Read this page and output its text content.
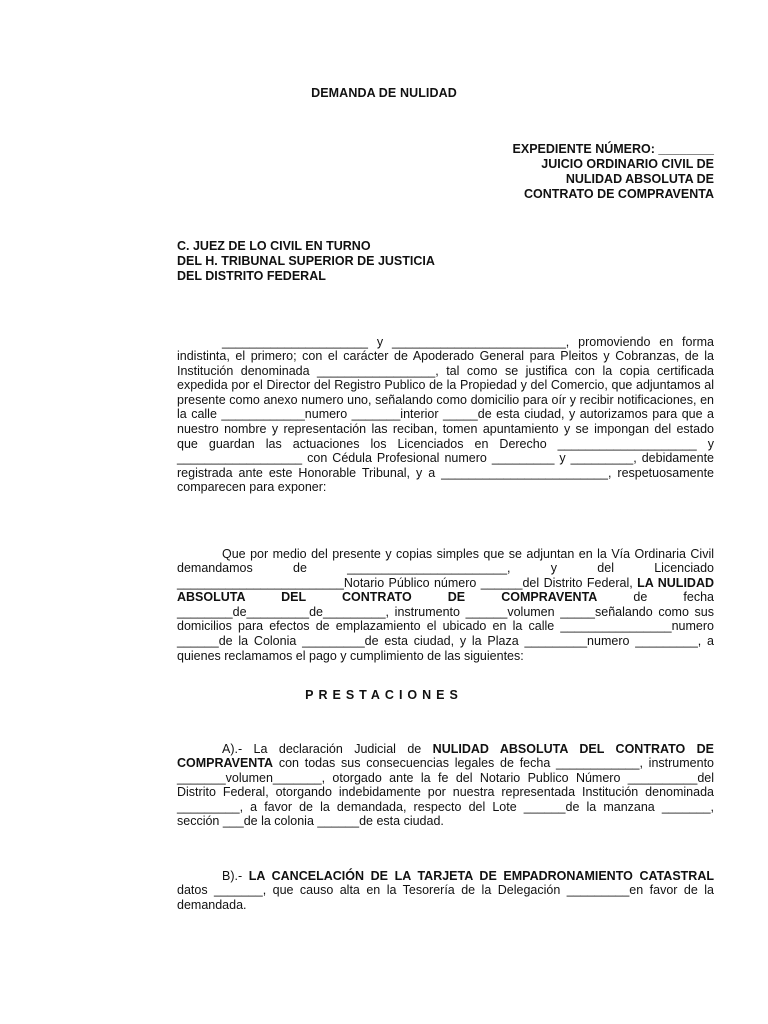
DEMANDA DE NULIDAD
EXPEDIENTE NÚMERO: ________
JUICIO ORDINARIO CIVIL DE
NULIDAD ABSOLUTA DE
CONTRATO DE COMPRAVENTA
C. JUEZ DE LO CIVIL EN TURNO
DEL H. TRIBUNAL SUPERIOR DE JUSTICIA
DEL DISTRITO FEDERAL

_____________________ y _________________________, promoviendo en forma indistinta, el primero; con el carácter de Apoderado General para Pleitos y Cobranzas, de la Institución denominada _________________, tal como se justifica con la copia certificada expedida por el Director del Registro Publico de la Propiedad y del Comercio, que adjuntamos al presente como anexo numero uno, señalando como domicilio para oír y recibir notificaciones, en la calle ____________numero _______interior _____de esta ciudad, y autorizamos para que a nuestro nombre y representación las reciban, tomen apuntamiento y se impongan del estado que guardan las actuaciones los Licenciados en Derecho ____________________ y __________________ con Cédula Profesional numero _________ y _________, debidamente registrada ante este Honorable Tribunal, y a ________________________, respetuosamente comparecen para exponer:

Que por medio del presente y copias simples que se adjuntan en la Vía Ordinaria Civil demandamos de _______________________, y del Licenciado ________________________Notario Público número ______del Distrito Federal, LA NULIDAD ABSOLUTA DEL CONTRATO DE COMPRAVENTA de fecha ________de_________de_________, instrumento ______volumen _____señalando como sus domicilios para efectos de emplazamiento el ubicado en la calle ________________numero ______de la Colonia _________de esta ciudad, y la Plaza _________numero _________, a quienes reclamamos el pago y cumplimiento de las siguientes:

PRESTACIONES

A).- La declaración Judicial de NULIDAD ABSOLUTA DEL CONTRATO DE COMPRAVENTA con todas sus consecuencias legales de fecha ____________, instrumento _______volumen_______, otorgado ante la fe del Notario Publico Número __________del Distrito Federal, otorgando indebidamente por nuestra representada Institución denominada _________, a favor de la demandada, respecto del Lote ______de la manzana _______, sección ___de la colonia ______de esta ciudad.

B).- LA CANCELACIÓN DE LA TARJETA DE EMPADRONAMIENTO CATASTRAL datos _______, que causo alta en la Tesorería de la Delegación _________en favor de la demandada.
